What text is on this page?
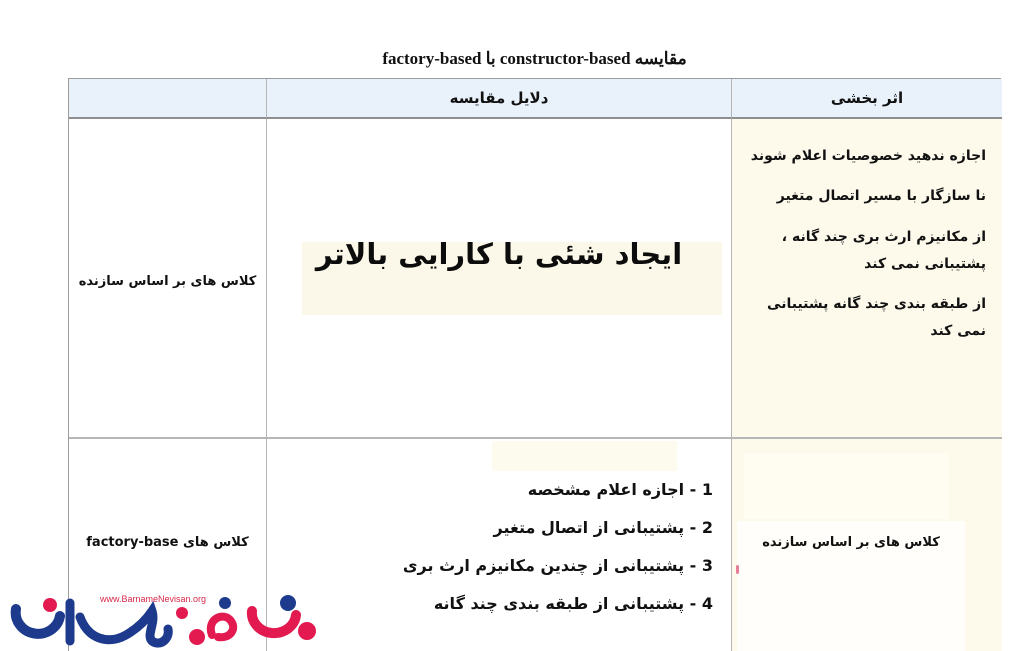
مقایسه constructor-based با factory-based
دلایل مقایسه	اثر بخشی
کلاس های بر اساس سازنده
ایجاد شئی با کارایی بالاتر

اجازه ندهید خصوصیات اعلام شوند

نا سازگار با مسیر اتصال متغیر

از مکانیزم ارث بری چند گانه ، پشتیبانی نمی کند

از طبقه بندی چند گانه پشتیبانی نمی کند

کلاس های factory-base
1 - اجازه اعلام مشخصه
2 - پشتیبانی از اتصال متغیر
3 - پشتیبانی از چندین مکانیزم ارث بری
4 - پشتیبانی از طبقه بندی چند گانه
کلاس های بر اساس سازنده
www.BarnameNevisan.org
